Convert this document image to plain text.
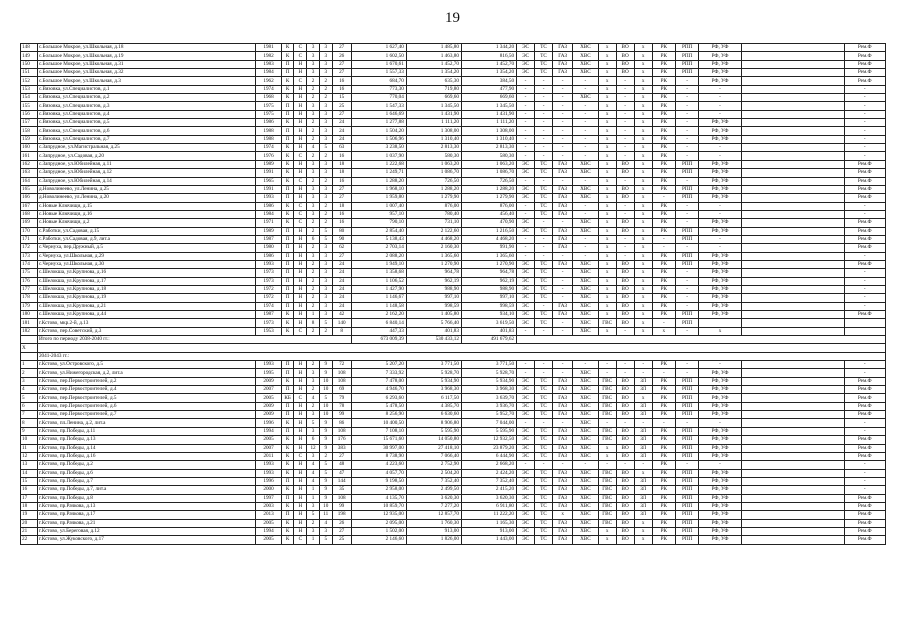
19
148	с.Большое Мокрое, ул.Школьная, д.18	1981	К	С	3	3	27	1 627,40	1 485,80	1 344,20	ЭС	ТС	ГАЗ	ХВС	х	ВО	х	РК	РПП	РФ, УФ		Рем.Ф
149	с.Большое Мокрое, ул.Школьная, д.19	1982	К	С	3	3	26	1 602,50	1 463,80	816,50	ЭС	ТС	ГАЗ	ХВС	х	ВО	х	РК	РПП	РФ, УФ		Рем.Ф
150	с.Большое Мокрое, ул.Школьная, д.31	1983	П	Н	3	3	27	1 670,61	1 452,70	1 452,70	ЭС	ТС	ГАЗ	ХВС	х	ВО	х	РК	РПП	РФ, УФ		Рем.Ф
151	с.Большое Мокрое, ул.Школьная, д.32	1984	П	Н	3	3	27	1 557,33	1 354,20	1 354,20	ЭС	ТС	ГАЗ	ХВС	х	ВО	х	РК	РПП	РФ, УФ		Рем.Ф
152	с.Большое Мокрое, ул.Школьная, д.3	1962	К	С	2	2	16	684,70	635,30	384,50	-	-	-	-	х	-	х	РК	-	РФ, УФ		Рем.Ф
153	с.Вязовка, ул.Специалистов, д.1	1974	К	Н	2	2	16	773,30	719,80	477,90	-	-	-	-	х	-	х	РК	-	-		-
154	с.Вязовка, ул.Специалистов, д.2	1968	К	Н	2	2	15	770,04	669,60	669,60	-	-	-	ХВС	х	-	х	РК	-	-		-
155	с.Вязовка, ул.Специалистов, д.3	1975	П	Н	3	3	25	1 547,33	1 345,50	1 345,50	-	-	-	-	х	-	х	РК	-	-		-
156	с.Вязовка, ул.Специалистов, д.4	1975	П	Н	3	3	27	1 646,69	1 431,90	1 431,90	-	-	-	-	х	-	х	РК	-	-		-
157	с.Вязовка, ул.Специалистов, д.5	1986	К	Н	2	3	24	1 277,88	1 111,20	1 111,20	-	-	-	-	х	-	х	РК	-	РФ, УФ		-
158	с.Вязовка, ул.Специалистов, д.6	1988	П	Н	2	3	24	1 504,20	1 308,00	1 308,00	-	-	-	-	х	-	х	РК	-	РФ, УФ		-
159	с.Вязовка, ул.Специалистов, д.7	1988	П	Н	2	3	24	1 506,96	1 310,40	1 310,40	-	-	-	-	х	-	х	РК	-	РФ, УФ		-
160	с.Запрудное, ул.Магистральная, д.25	1974	К	Н	4	5	63	3 238,50	2 813,30	2 813,30	-	-	-	-	х	-	х	РК	-	-		-
161	с.Запрудное, ул.Садовая, д.20	1976	К	С	2	2	16	1 037,90	580,30	580,30	-	-	-	-	х	-	х	РК	-	-		-
162	с.Запрудное, ул.Юбилейная, д.11	1989	К	Н	3	3	18	1 222,68	1 063,20	1 063,20	ЭС	ТС	ГАЗ	ХВС	х	ВО	х	РК	РПП	РФ, УФ		Рем.Ф
163	с.Запрудное, ул.Юбилейная, д.12	1991	К	Н	3	3	18	1 249,71	1 086,70	1 086,70	ЭС	ТС	ГАЗ	ХВС	х	ВО	х	РК	РПП	РФ, УФ		Рем.Ф
164	с.Запрудное, ул.Юбилейная, д.14	1965	К	С	2	2	16	1 288,20	726,50	726,50	-	-	-	-	х	-	х	РК	-	РФ, УФ		Рем.Ф
165	д.Новолинеево, ул.Ленина, д.25	1991	П	Н	3	3	27	1 968,10	1 288,20	1 288,20	ЭС	ТС	ГАЗ	ХВС	х	ВО	х	РК	РПП	РФ, УФ		Рем.Ф
166	д.Новолинеево, ул.Ленина, д.20	1993	П	Н	3	3	27	1 959,80	1 279,90	1 279,90	ЭС	ТС	ГАЗ	ХВС	х	ВО	х	-	РПП	РФ, УФ		Рем.Ф
167	с.Новые Ключищи, д.15	1986	К	С	3	2	18	1 007,40	876,00	876,00	-	ТС	ГАЗ	-	х	-	х	РК	-	-		-
168	с.Новые Ключищи, д.16	1984	К	С	3	2	16	957,10	780,40	456,40	-	ТС	ГАЗ	-	х	-	х	РК	-	-		-
169	с.Новые Ключищи, д.2	1971	К	С	2	2	16	790,10	731,10	470,90	ЭС	-	-	ХВС	х	ВО	х	РК	-	РФ, УФ		Рем.Ф
170	с.Работки, ул.Садовая, д.15	1989	П	Н	2	5	80	2 854,40	2 122,60	1 216,50	ЭС	ТС	ГАЗ	ХВС	х	ВО	х	РК	РПП	РФ, УФ		Рем.Ф
171	с.Работки, ул.Садовая, д.9, лит.а	1987	П	Н	6	5	90	5 138,43	4 468,20	4 468,20	-	-	ГАЗ	-	х	-	х	-	РПП	-		Рем.Ф
172	с.Чернуха, пер.Дружный, д.5	1980	П	Н	2	3	62	2 703,14	2 160,30	991,90	-	-	ГАЗ	-	х	-	х	-	-	-		Рем.Ф
173	с.Чернуха, ул.Школьная, д.29	1986	П	Н	3	3	27	2 088,20	1 365,60	1 365,60	-	-	-	-	х	-	х	РК	РПП	РФ, УФ		-
174	с.Чернуха, ул.Школьная, д.30	1993	П	Н	2	3	24	1 949,10	1 270,90	1 270,90	ЭС	ТС	ГАЗ	ХВС	х	ВО	х	РК	РПП	РФ, УФ		Рем.Ф
175	с.Шелокша, ул.Крупнова, д.16	1973	П	Н	2	3	24	1 358,68	964,78	964,78	ЭС	ТС	-	ХВС	х	ВО	х	РК	-	РФ, УФ		-
176	с.Шелокша, ул.Крупнова, д.17	1973	П	Н	2	3	24	1 106,52	962,19	962,19	ЭС	ТС	-	ХВС	х	ВО	х	РК	-	РФ, УФ		-
177	с.Шелокша, ул.Крупнова, д.18	1972	П	Н	2	3	24	1 427,90	988,90	988,90	ЭС	ТС	-	ХВС	х	ВО	х	РК	-	РФ, УФ		-
178	с.Шелокша, ул.Крупнова, д.19	1972	П	Н	2	3	24	1 146,67	997,10	997,10	ЭС	ТС	-	ХВС	х	ВО	х	РК	-	РФ, УФ		-
179	с.Шелокша, ул.Крупнова, д.21	1974	П	Н	2	3	24	1 148,58	998,59	998,59	ЭС	-	ГАЗ	ХВС	х	ВО	х	РК	-	РФ, УФ		-
180	с.Шелокша, ул.Крупнова, д.44	1987	К	Н	1	3	42	2 162,20	1 405,80	934,10	ЭС	ТС	ГАЗ	ХВС	х	ВО	х	РК	РПП	РФ, УФ		Рем.Ф
181	г.Кстово, мкр.2-й, д.13	1973	К	Н	8	5	140	6 840,14	5 766,40	3 619,50	ЭС	ТС	-	ХВС	ГВС	ВО	х	-	РПП			
182	г.Кстово, пер.Советский, д.3	1953	К	С	2	2	8	447,33	401,83	401,83	-	-	-	ХВС	х	-	х	х	-	х		
	Итого по периоду 2038-2040 гг.:							673 009,39	530 433,12	491 679,62												
X																						
	2041-2043 гг.:																					
1	г.Кстово, ул.Островского, д.5	1993	П	Н	2	9	72	5 207,20	3 771,50	3 771,50	-	-	-	-	-	-	-	РК	-	-		-
2	г.Кстово, ул.Нижегородская, д.2, лит.а	1995	П	Н	3	9	108	7 333,92	5 928,70	5 928,70	-	-	-	ХВС	-	-	-	-	-	РФ, УФ		-
3	г.Кстово, пер.Первостроителей, д.2	2009	К	Н	3	10	108	7 478,00	5 934,90	5 934,90	ЭС	ТС	ГАЗ	ХВС	ГВС	ВО	ЗЛ	РК	РПП	РФ, УФ		Рем.Ф
4	г.Кстово, пер.Первостроителей, д.4	2007	П	Н	2	10	69	4 946,70	3 968,30	3 968,30	ЭС	ТС	ГАЗ	ХВС	ГВС	ВО	ЗЛ	РК	РПП	РФ, УФ		Рем.Ф
5	г.Кстово, пер.Первостроителей, д.5	2005	КБ	С	4	5	79	6 293,60	6 117,50	3 639,70	ЭС	ТС	ГАЗ	ХВС	ГВС	ВО	х	РК	РПП	РФ, УФ		Рем.Ф
6	г.Кстово, пер.Первостроителей, д.6	2009	П	Н	2	10	78	5 478,50	4 385,70	3 936,70	ЭС	ТС	ГАЗ	ХВС	ГВС	ВО	ЗЛ	РК	РПП	РФ, УФ		Рем.Ф
7	г.Кстово, пер.Первостроителей, д.7	2009	П	Н	3	10	99	8 256,90	6 630,60	5 952,70	ЭС	ТС	ГАЗ	ХВС	ГВС	ВО	ЗЛ	РК	РПП	РФ, УФ		Рем.Ф
8	г.Кстово, пл.Ленина, д.2, лит.а	1996	К	Н	5	9	86	10 400,50	8 906,80	7 044,00	-	-	-	ХВС	-	-	-	-	-	-		-
9	г.Кстово, пр.Победы, д.11	1994	П	Н	3	9	108	7 108,10	5 595,90	5 595,90	ЭС	ТС	ГАЗ	ХВС	ГВС	ВО	ЗЛ	РК	РПП	РФ, УФ		-
10	г.Кстово, пр.Победы, д.13	2005	К	Н	6	9	176	15 671,60	14 050,80	12 932,50	ЭС	ТС	ГАЗ	ХВС	ГВС	ВО	ЗЛ	РК	РПП	РФ, УФ		Рем.Ф
11	г.Кстово, пр.Победы, д.14	2007	К	Н	12	9	383	30 997,00	27 418,10	23 879,20	ЭС	ТС	ГАЗ	ХВС	х	ВО	ЗЛ	РК	РПП	РФ, УФ		Рем.Ф
12	г.Кстово, пр.Победы, д.16	2011	К	С	3	2	27	8 738,90	7 066,40	6 444,90	ЭС	ТС	ГАЗ	ХВС	х	ВО	ЗЛ	РК	РПП	РФ, УФ		Рем.Ф
13	г.Кстово, пр.Победы, д.2	1993	К	Н	4	5	48	4 223,60	2 752,90	2 668,20	-	-	-	-	-	-	-	РК	-	-		-
14	г.Кстово, пр.Победы, д.6	1993	К	Н	4	5	47	4 057,70	2 504,20	2 424,20	ЭС	ТС	ГАЗ	ХВС	ГВС	ВО	х	РК	РПП	РФ, УФ		-
15	г.Кстово, пр.Победы, д.7	1996	П	Н	4	9	144	9 198,50	7 352,40	7 352,40	ЭС	ТС	ГАЗ	ХВС	ГВС	ВО	ЗЛ	РК	РПП	РФ, УФ		-
16	г.Кстово, пр.Победы, д.7, лит.а	2000	К	Н	1	9	35	2 958,00	2 499,50	2 415,20	ЭС	ТС	ГАЗ	ХВС	ГВС	ВО	ЗЛ	РК	РПП	РФ, УФ		-
17	г.Кстово, пр.Победы, д.8	1997	П	Н	1	9	108	4 135,70	3 620,30	3 620,30	ЭС	ТС	ГАЗ	ХВС	ГВС	ВО	ЗЛ	РК	РПП	РФ, УФ		Рем.Ф
18	г.Кстово, пр.Рачкова, д.13	2003	К	Н	3	10	99	10 859,70	7 277,20	6 911,80	ЭС	ТС	ГАЗ	ХВС	ГВС	ВО	ЗЛ	РК	РПП	РФ, УФ		Рем.Ф
19	г.Кстово, пр.Рачкова, д.17	2013	П	Н	5	11	198	12 935,00	12 857,70	11 222,20	ЭС	ТС	х	ХВС	ГВС	ВО	ЗЛ	РК	РПП	РФ, УФ		Рем.Ф
20	г.Кстово, пр.Рачкова, д.21	2005	К	Н	2	4	26	2 095,00	1 760,30	1 165,30	ЭС	ТС	ГАЗ	ХВС	ГВС	ВО	х	РК	РПП	РФ, УФ		Рем.Ф
21	г.Кстово, ул.Береговая, д.12	1994	К	Н	3	3	27	1 502,00	913,00	913,00	ЭС	ТС	ГАЗ	ХВС	х	ВО	х	РК	РПП	РФ, УФ		Рем.Ф
22	г.Кстово, ул.Жуковского, д.17	2005	К	С	1	5	25	2 146,60	1 826,00	1 443,00	ЭС	ТС	ГАЗ	ХВС	х	ВО	х	РК	РПП	РФ, УФ		Рем.Ф
